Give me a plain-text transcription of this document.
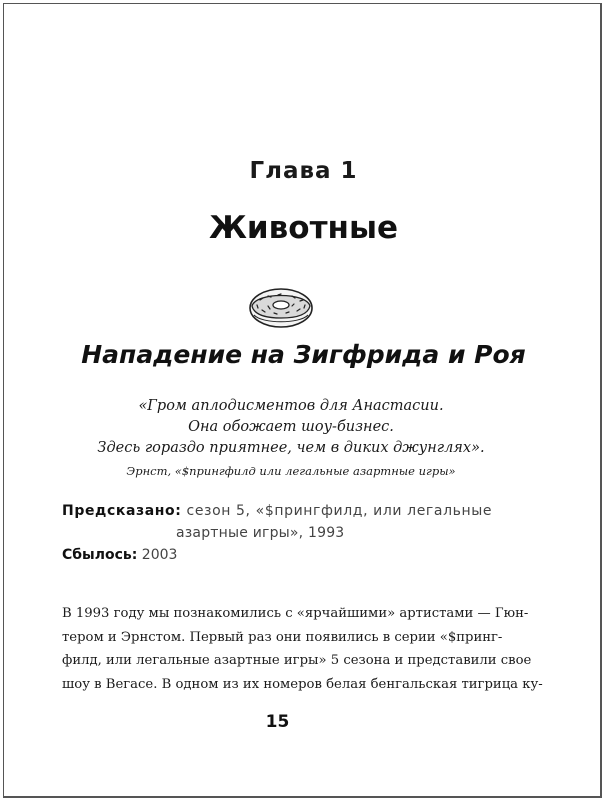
Глава 1
Животные
Нападение на Зигфрида и Роя
«Гром аплодисментов для Анастасии.
Она обожает шоу-бизнес.
Здесь гораздо приятнее, чем в диких джунглях».
Эрнст, «$прингфилд или легальные азартные игры»
Предсказано: сезон 5, «$прингфилд, или легальные
азартные игры», 1993
Сбылось: 2003
В 1993 году мы познакомились с «ярчайшими» артистами — Гюн-
тером и Эрнстом. Первый раз они появились в серии «$принг-
филд, или легальные азартные игры» 5 сезона и представили свое
шоу в Вегасе. В одном из их номеров белая бенгальская тигрица ку-
15
